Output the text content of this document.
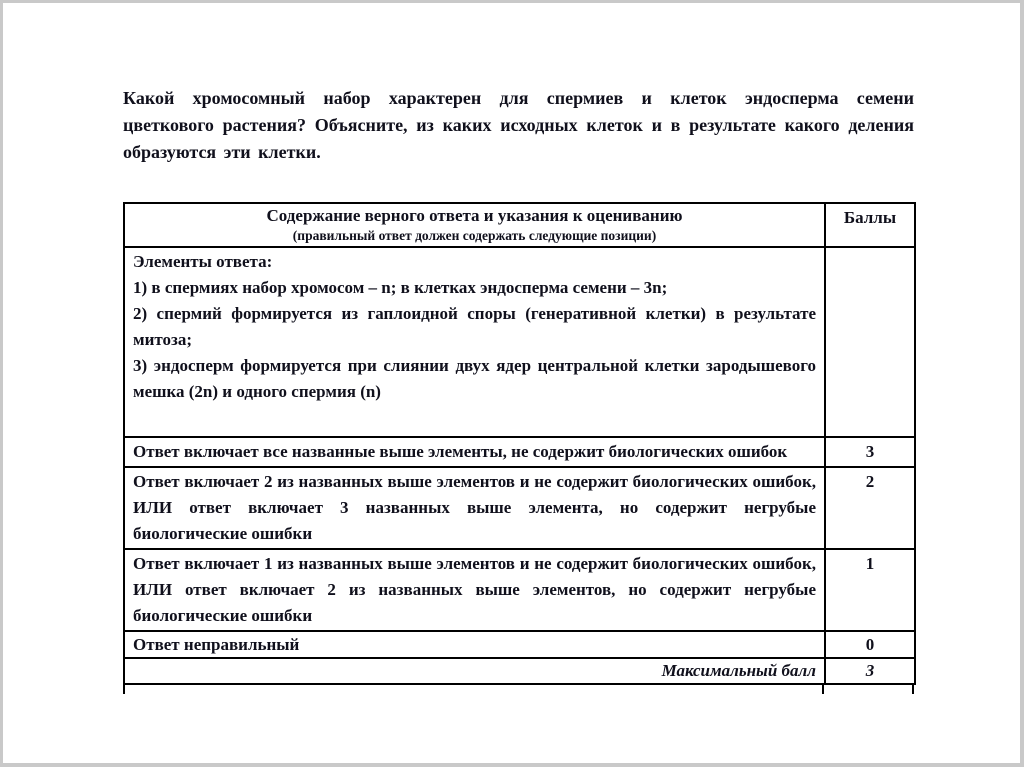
Какой хромосомный набор характерен для спермиев и клеток эндосперма семени цветкового растения? Объясните, из каких исходных клеток и в результате какого деления образуются эти клетки.

Содержание верного ответа и указания к оцениванию
(правильный ответ должен содержать следующие позиции)	Баллы

Элементы ответа:

1) в спермиях набор хромосом – n; в клетках эндосперма семени – 3n;

2) спермий формируется из гаплоидной споры (генеративной клетки) в результате митоза;

3) эндосперм формируется при слиянии двух ядер центральной клетки зародышевого мешка (2n) и одного спермия (n)	

Ответ включает все названные выше элементы, не содержит биологических ошибок	3
Ответ включает 2 из названных выше элементов и не содержит биологических ошибок, ИЛИ ответ включает 3 названных выше элемента, но содержит негрубые биологические ошибки	2
Ответ включает 1 из названных выше элементов и не содержит биологических ошибок, ИЛИ ответ включает 2 из названных выше элементов, но содержит негрубые биологические ошибки	1
Ответ неправильный	0
Максимальный балл	3
